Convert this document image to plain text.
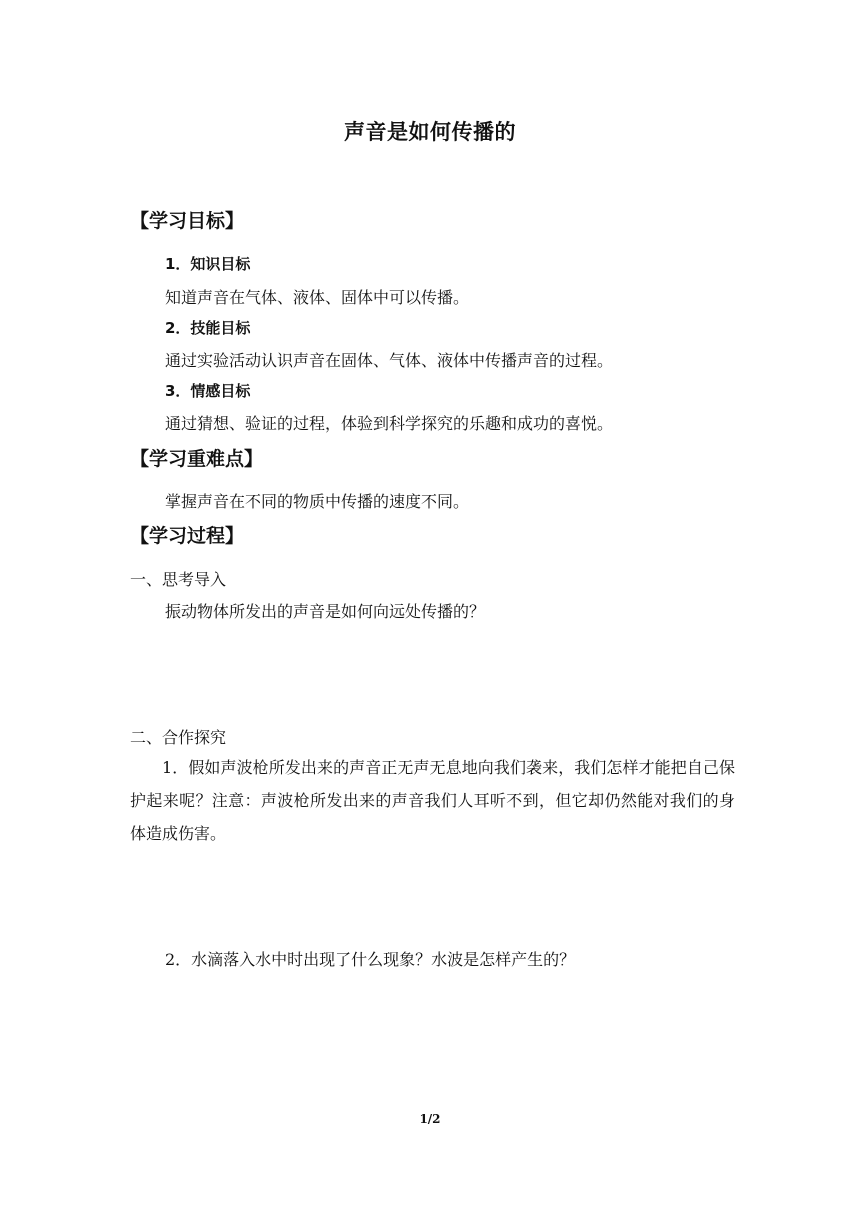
声音是如何传播的
【学习目标】
1．知识目标
知道声音在气体、液体、固体中可以传播。
2．技能目标
通过实验活动认识声音在固体、气体、液体中传播声音的过程。
3．情感目标
通过猜想、验证的过程，体验到科学探究的乐趣和成功的喜悦。
【学习重难点】
掌握声音在不同的物质中传播的速度不同。
【学习过程】
一、思考导入
振动物体所发出的声音是如何向远处传播的？
二、合作探究
1．假如声波枪所发出来的声音正无声无息地向我们袭来，我们怎样才能把自己保护起来呢？注意：声波枪所发出来的声音我们人耳听不到，但它却仍然能对我们的身体造成伤害。
2．水滴落入水中时出现了什么现象？水波是怎样产生的？
1/2
